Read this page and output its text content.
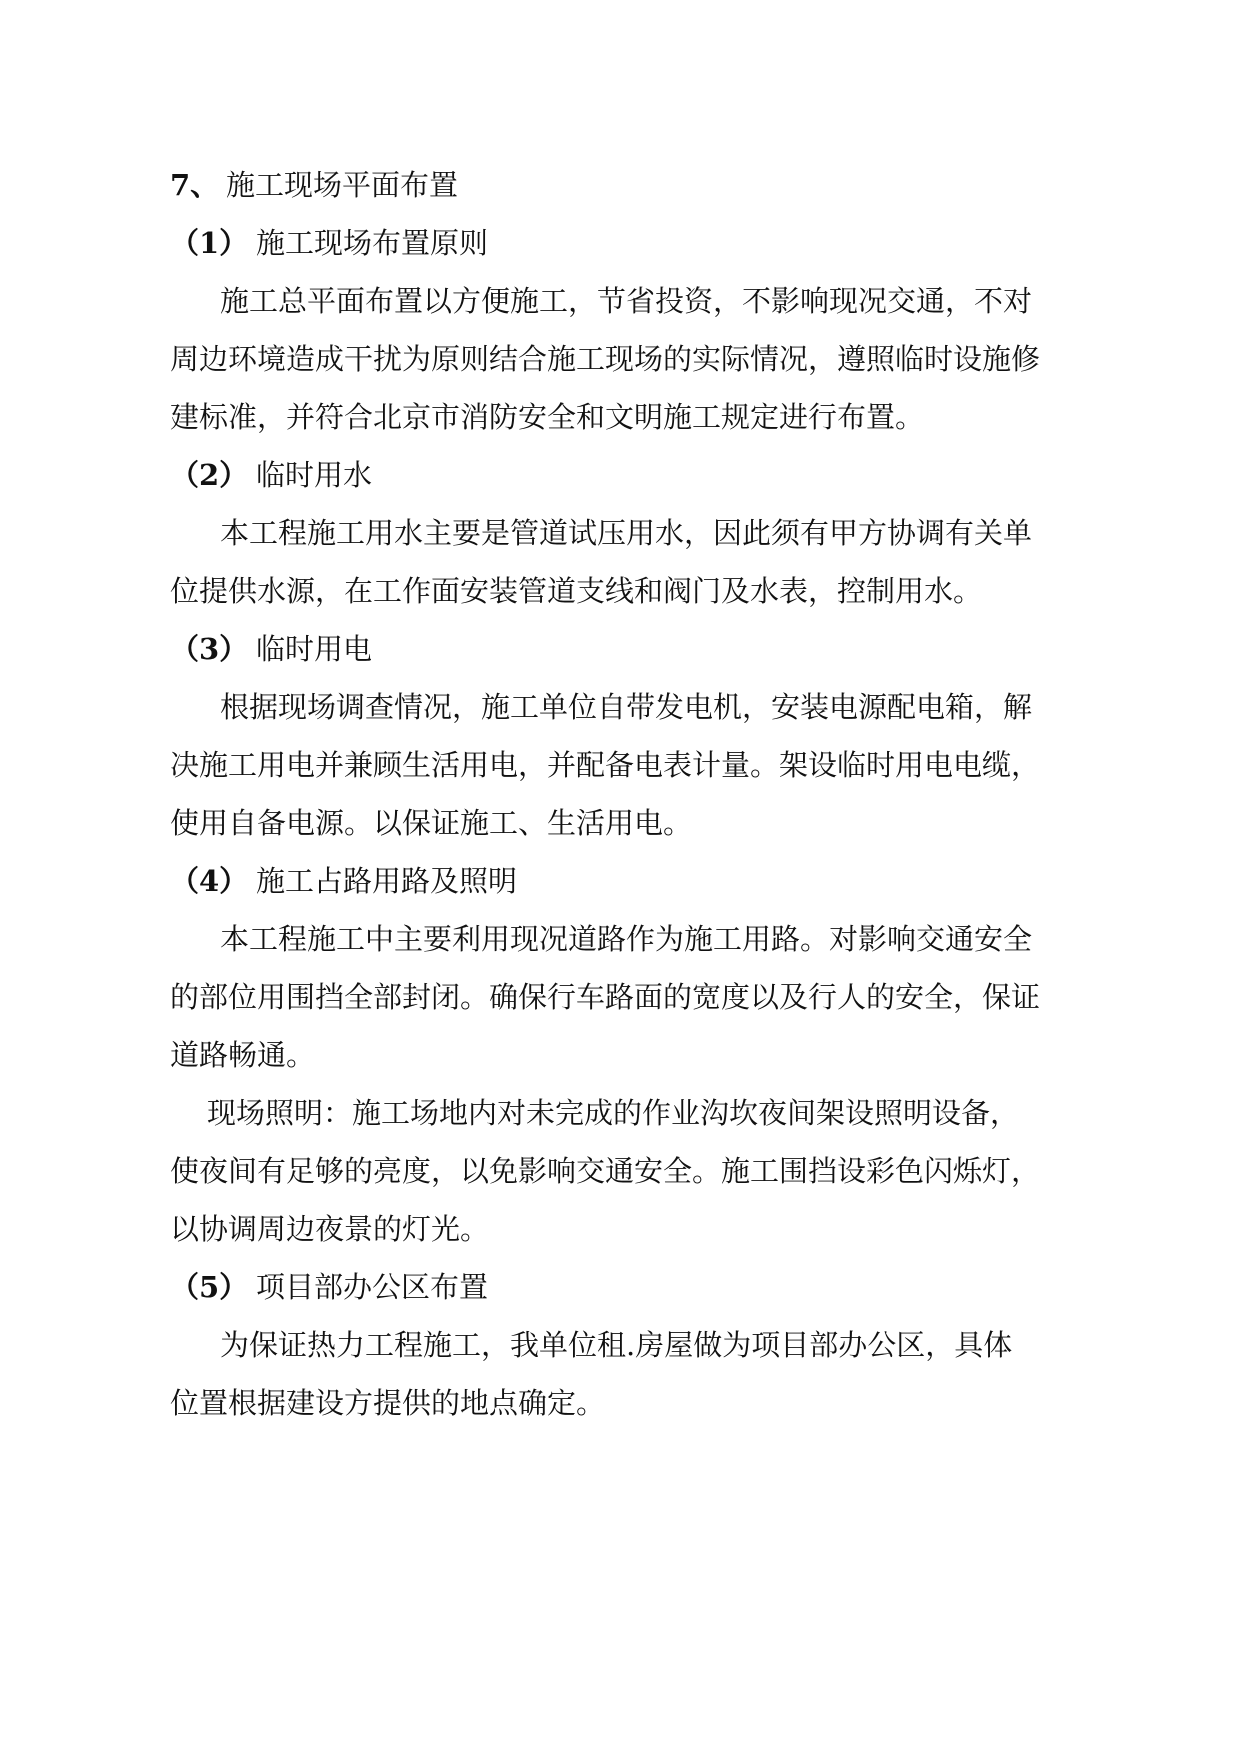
7、 施工现场平面布置
（1） 施工现场布置原则
施工总平面布置以方便施工，节省投资，不影响现况交通，不对
周边环境造成干扰为原则结合施工现场的实际情况，遵照临时设施修
建标准，并符合北京市消防安全和文明施工规定进行布置。
（2） 临时用水
本工程施工用水主要是管道试压用水，因此须有甲方协调有关单
位提供水源，在工作面安装管道支线和阀门及水表，控制用水。
（3） 临时用电
根据现场调查情况，施工单位自带发电机，安装电源配电箱，解
决施工用电并兼顾生活用电，并配备电表计量。架设临时用电电缆，
使用自备电源。以保证施工、生活用电。
（4） 施工占路用路及照明
本工程施工中主要利用现况道路作为施工用路。对影响交通安全
的部位用围挡全部封闭。确保行车路面的宽度以及行人的安全，保证
道路畅通。
现场照明：施工场地内对未完成的作业沟坎夜间架设照明设备，
使夜间有足够的亮度，以免影响交通安全。施工围挡设彩色闪烁灯，
以协调周边夜景的灯光。
（5） 项目部办公区布置
为保证热力工程施工，我单位租.房屋做为项目部办公区，具体
位置根据建设方提供的地点确定。
